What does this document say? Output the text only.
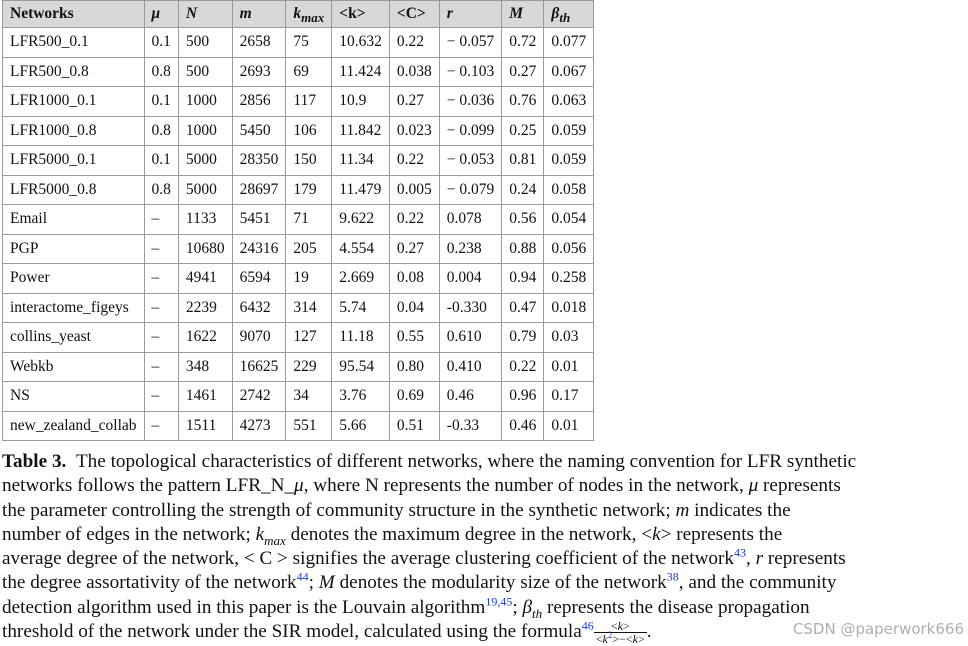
Networks	μ	N	m	$k_{max}$	<k>	<C>	r	M	$\beta_{th}$
LFR500_0.1	0.1	500	2658	75	10.632	0.22	− 0.057	0.72	0.077
LFR500_0.8	0.8	500	2693	69	11.424	0.038	− 0.103	0.27	0.067
LFR1000_0.1	0.1	1000	2856	117	10.9	0.27	− 0.036	0.76	0.063
LFR1000_0.8	0.8	1000	5450	106	11.842	0.023	− 0.099	0.25	0.059
LFR5000_0.1	0.1	5000	28350	150	11.34	0.22	− 0.053	0.81	0.059
LFR5000_0.8	0.8	5000	28697	179	11.479	0.005	− 0.079	0.24	0.058
Email	–	1133	5451	71	9.622	0.22	0.078	0.56	0.054
PGP	–	10680	24316	205	4.554	0.27	0.238	0.88	0.056
Power	–	4941	6594	19	2.669	0.08	0.004	0.94	0.258
interactome_figeys	–	2239	6432	314	5.74	0.04	-0.330	0.47	0.018
collins_yeast	–	1622	9070	127	11.18	0.55	0.610	0.79	0.03
Webkb	–	348	16625	229	95.54	0.80	0.410	0.22	0.01
NS	–	1461	2742	34	3.76	0.69	0.46	0.96	0.17
new_zealand_collab	–	1511	4273	551	5.66	0.51	-0.33	0.46	0.01
Table 3. The topological characteristics of different networks, where the naming convention for LFR synthetic
networks follows the pattern LFR_N_μ, where N represents the number of nodes in the network, μ represents
the parameter controlling the strength of community structure in the synthetic network; m indicates the
number of edges in the network; $k_{max}$ denotes the maximum degree in the network, <k> represents the
average degree of the network, < C > signifies the average clustering coefficient of the network$^{43}$, r represents
the degree assortativity of the network$^{44}$; M denotes the modularity size of the network$^{38}$, and the community
detection algorithm used in this paper is the Louvain algorithm$^{19,45}$; $\beta_{th}$ represents the disease propagation
threshold of the network under the SIR model, calculated using the formula$^{46}$ $\frac{<k>}{<k^2>-<k>}$ .	CSDN @paperwork666
